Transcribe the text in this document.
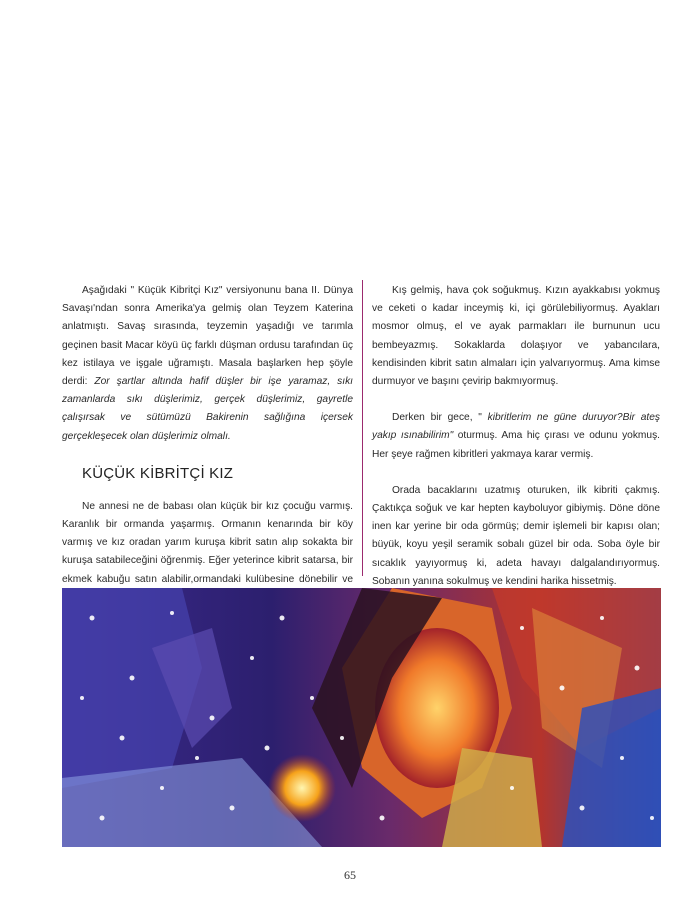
Aşağıdaki " Küçük Kibritçi Kız" versiyonunu bana II. Dünya Savaşı'ndan sonra Amerika'ya gelmiş olan Teyzem Katerina anlatmıştı. Savaş sırasında, teyzemin yaşadığı ve tarımla geçinen basit Macar köyü üç farklı düşman ordusu tarafından üç kez istilaya ve işgale uğramıştı. Masala başlarken hep şöyle derdi: Zor şartlar altında hafif düşler bir işe yaramaz, sıkı zamanlarda sıkı düşlerimiz, gerçek düşlerimiz, gayretle çalışırsak ve sütümüzü Bakirenin sağlığına içersek gerçekleşecek olan düşlerimiz olmalı.

KÜÇÜK KİBRİTÇİ KIZ

Ne annesi ne de babası olan küçük bir kız çocuğu varmış. Karanlık bir ormanda yaşarmış. Ormanın kenarında bir köy varmış ve kız oradan yarım kuruşa kibrit satın alıp sokakta bir kuruşa satabileceğini öğrenmiş. Eğer yeterince kibrit satarsa, bir ekmek kabuğu satın alabilir,ormandaki kulübesine dönebilir ve

Kış gelmiş, hava çok soğukmuş. Kızın ayakkabısı yokmuş ve ceketi o kadar inceymiş ki, içi görülebiliyormuş. Ayakları mosmor olmuş, el ve ayak parmakları ile burnunun ucu bembeyazmış. Sokaklarda dolaşıyor ve yabancılara, kendisinden kibrit satın almaları için yalvarıyormuş. Ama kimse durmuyor ve başını çevirip bakmıyormuş.

Derken bir gece, " kibritlerim ne güne duruyor?Bir ateş yakıp ısınabilirim" oturmuş. Ama hiç çırası ve odunu yokmuş. Her şeye rağmen kibritleri yakmaya karar vermiş.

Orada bacaklarını uzatmış oturuken, ilk kibriti çakmış. Çaktıkça soğuk ve kar hepten kayboluyor gibiymiş. Döne döne inen kar yerine bir oda görmüş; demir işlemeli bir kapısı olan; büyük, koyu yeşil seramik sobalı güzel bir oda. Soba öyle bir sıcaklık yayıyormuş ki, adeta havayı dalgalandırıyormuş. Sobanın yanına sokulmuş ve kendini harika hissetmiş.

65
